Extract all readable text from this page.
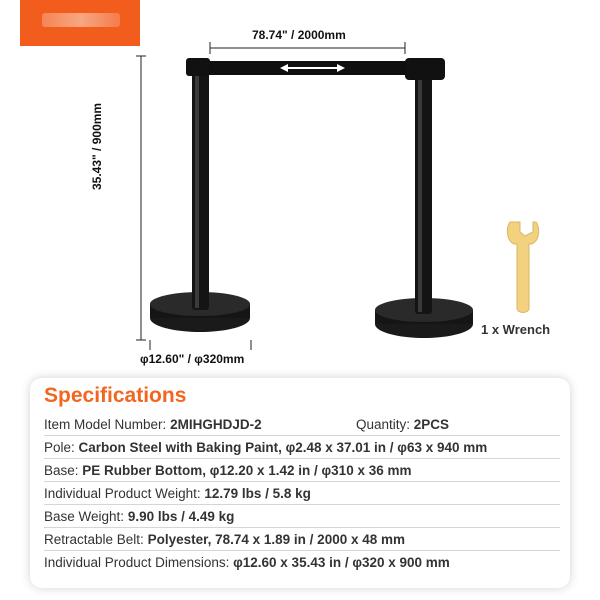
78.74" / 2000mm
35.43" / 900mm
φ12.60" / φ320mm
1 x Wrench
Specifications
Item Model Number: 2MIHGHDJD-2	Quantity: 2PCS
Pole: Carbon Steel with Baking Paint, φ2.48 x 37.01 in / φ63 x 940 mm
Base: PE Rubber Bottom, φ12.20 x 1.42 in / φ310 x 36 mm
Individual Product Weight: 12.79 lbs / 5.8 kg
Base Weight: 9.90 lbs / 4.49 kg
Retractable Belt: Polyester, 78.74 x 1.89 in / 2000 x 48 mm
Individual Product Dimensions: φ12.60 x 35.43 in / φ320 x 900 mm
